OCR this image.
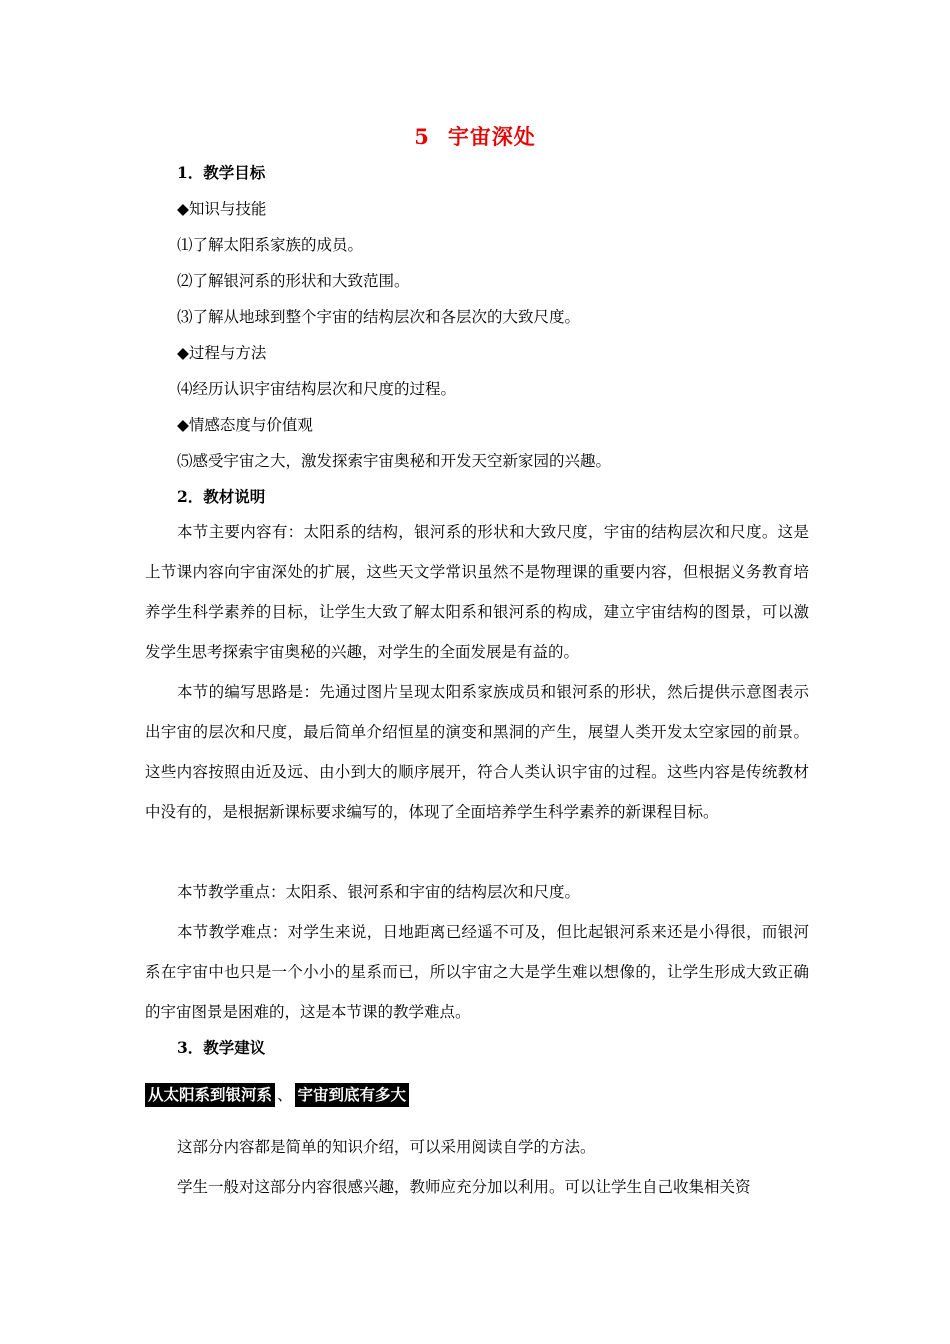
5 宇宙深处
1．教学目标
◆知识与技能
⑴了解太阳系家族的成员。
⑵了解银河系的形状和大致范围。
⑶了解从地球到整个宇宙的结构层次和各层次的大致尺度。
◆过程与方法
⑷经历认识宇宙结构层次和尺度的过程。
◆情感态度与价值观
⑸感受宇宙之大，激发探索宇宙奥秘和开发天空新家园的兴趣。
2．教材说明
本节主要内容有：太阳系的结构，银河系的形状和大致尺度，宇宙的结构层次和尺度。这是上节课内容向宇宙深处的扩展，这些天文学常识虽然不是物理课的重要内容，但根据义务教育培养学生科学素养的目标，让学生大致了解太阳系和银河系的构成，建立宇宙结构的图景，可以激发学生思考探索宇宙奥秘的兴趣，对学生的全面发展是有益的。
本节的编写思路是：先通过图片呈现太阳系家族成员和银河系的形状，然后提供示意图表示出宇宙的层次和尺度，最后简单介绍恒星的演变和黑洞的产生，展望人类开发太空家园的前景。这些内容按照由近及远、由小到大的顺序展开，符合人类认识宇宙的过程。这些内容是传统教材中没有的，是根据新课标要求编写的，体现了全面培养学生科学素养的新课程目标。
本节教学重点：太阳系、银河系和宇宙的结构层次和尺度。
本节教学难点：对学生来说，日地距离已经遥不可及，但比起银河系来还是小得很，而银河系在宇宙中也只是一个小小的星系而已，所以宇宙之大是学生难以想像的，让学生形成大致正确的宇宙图景是困难的，这是本节课的教学难点。
3．教学建议
从太阳系到银河系 、 宇宙到底有多大
这部分内容都是简单的知识介绍，可以采用阅读自学的方法。
学生一般对这部分内容很感兴趣，教师应充分加以利用。可以让学生自己收集相关资
